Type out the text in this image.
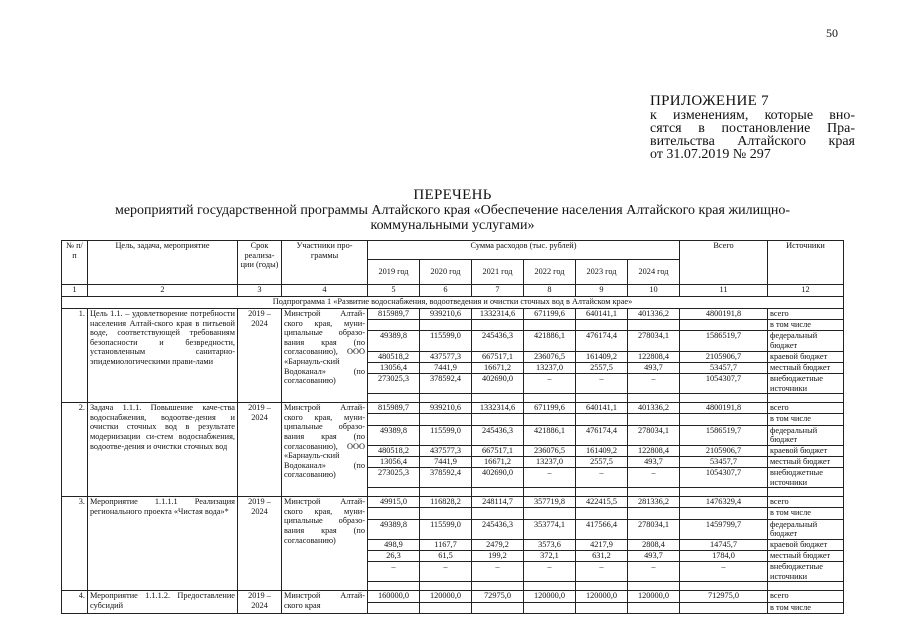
50
ПРИЛОЖЕНИЕ 7
к изменениям, которые вно-
сятся в постановление Пра-
вительства Алтайского края
от 31.07.2019 № 297
ПЕРЕЧЕНЬ
мероприятий государственной программы Алтайского края «Обеспечение населения Алтайского края жилищно-
коммунальными услугами»
№ п/п	Цель, задача, мероприятие	Срок реализа-ции (годы)	Участники про-граммы	Сумма расходов (тыс. рублей)						Всего	Источники
				2019 год	2020 год	2021 год	2022 год	2023 год	2024 год		
1	2	3	4	5	6	7	8	9	10	11	12
Подпрограмма 1 «Развитие водоснабжения, водоотведения и очистки сточных вод в Алтайском крае»											
1.	Цель 1.1. – удовлетворение потребности населения Алтай-ского края в питьевой воде, соответствующей требованиям безопасности и безвредности, установленным санитарно-эпидемиологическими прави-лами	2019 – 2024	Минстрой Алтай-ского края, муни-ципальные образо-вания края (по согласованию), ООО «Барнауль-ский Водоканал» (по согласованию)	815989,7	939210,6	1332314,6	671199,6	640141,1	401336,2	4800191,8	всего
											в том числе
				49389,8	115599,0	245436,3	421886,1	476174,4	278034,1	1586519,7	федеральный бюджет
				480518,2	437577,3	667517,1	236076,5	161409,2	122808,4	2105906,7	краевой бюджет
				13056,4	7441,9	16671,2	13237,0	2557,5	493,7	53457,7	местный бюджет
				273025,3	378592,4	402690,0	–	–	–	1054307,7	внебюджетные источники

2.	Задача 1.1.1. Повышение каче-ства водоснабжения, водоотве-дения и очистки сточных вод в результате модернизации си-стем водоснабжения, водоотве-дения и очистки сточных вод	2019 – 2024	Минстрой Алтай-ского края, муни-ципальные образо-вания края (по согласованию), ООО «Барнауль-ский Водоканал» (по согласованию)	815989,7	939210,6	1332314,6	671199,6	640141,1	401336,2	4800191,8	всего
											в том числе
				49389,8	115599,0	245436,3	421886,1	476174,4	278034,1	1586519,7	федеральный бюджет
				480518,2	437577,3	667517,1	236076,5	161409,2	122808,4	2105906,7	краевой бюджет
				13056,4	7441,9	16671,2	13237,0	2557,5	493,7	53457,7	местный бюджет
				273025,3	378592,4	402690,0	–	–	–	1054307,7	внебюджетные источники

3.	Мероприятие 1.1.1.1 Реализация регионального проекта «Чистая вода»*	2019 – 2024	Минстрой Алтай-ского края, муни-ципальные образо-вания края (по согласованию)	49915,0	116828,2	248114,7	357719,8	422415,5	281336,2	1476329,4	всего
											в том числе
				49389,8	115599,0	245436,3	353774,1	417566,4	278034,1	1459799,7	федеральный бюджет
				498,9	1167,7	2479,2	3573,6	4217,9	2808,4	14745,7	краевой бюджет
				26,3	61,5	199,2	372,1	631,2	493,7	1784,0	местный бюджет
				–	–	–	–	–	–	–	внебюджетные источники

4.	Мероприятие 1.1.1.2. Предоставление субсидий	2019 – 2024	Минстрой Алтай-ского края	160000,0	120000,0	72975,0	120000,0	120000,0	120000,0	712975,0	всего
											в том числе
